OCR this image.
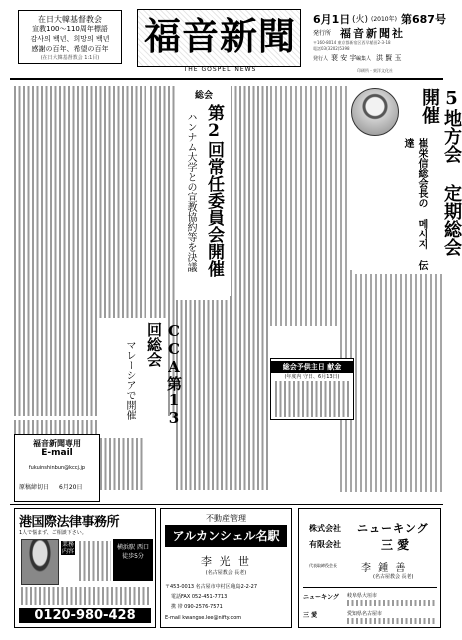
在日大韓基督教会
宣教100〜110周年標語
감사의 백년、희망의 백년
感謝の百年、希望の百年
(在日大韓基督教会 1:1目)	福音新聞
THE GOSPEL NEWS
6月1日 (火) (2010年) 第687号
発行所 福音新聞社
〒160-8014 東京都新宿区西早稲田2-3-18
電話03(3202)5398
発行人 裵 安 宇 編集人 洪 賢 玉
印刷所・東洋文化社
総会
第2回常任委員会開催
ハンナム大学との宣教協約等を決議	5地方会 定期総会 開催
崔栄信総会長の 메시지 伝達
CCA第13回総会
マレーシアで開催	総会予供主日 献金
(年度内 守日、6月13日)
福音新聞専用
E-mail
fukuinshinbun@kccj.jp
原稿締切日 6月20日
港国際法律事務所
1人で悩まず、ご相談下さい。
業務内容
横浜駅 西口 徒歩5分
0120-980-428
不動産管理
アルカンシェル名駅
李 光 世
(名古屋教会 長老)
〒453-0013 名古屋市中村区亀島2-2-27
電話FAX 052-451-7713
携 帯 090-2576-7571
E-mail kwangse.lee@nifty.com
株式会社 ニューキング
有限会社	三 愛
代表取締役会長 李 鍾 善
(名古屋教会 長老)
ニューキング 岐阜県大垣市
三 愛	愛知県名古屋市
